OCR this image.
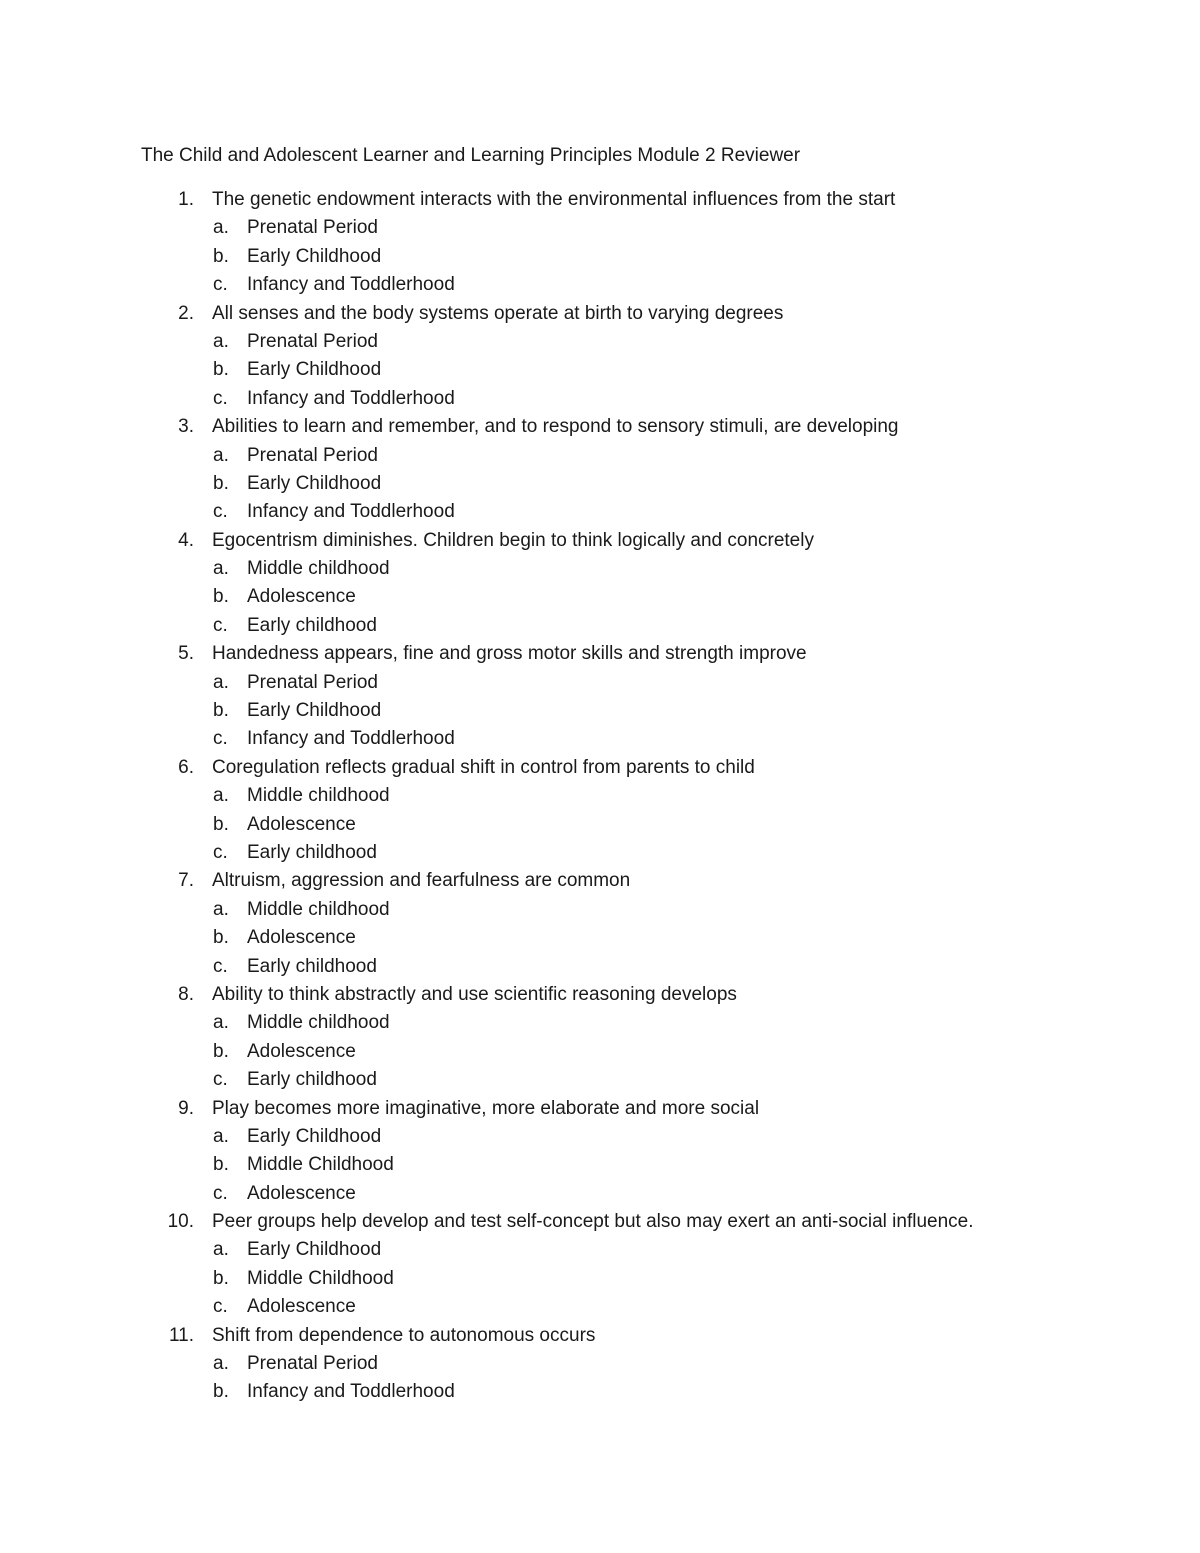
The Child and Adolescent Learner and Learning Principles Module 2 Reviewer
1. The genetic endowment interacts with the environmental influences from the start
a. Prenatal Period
b. Early Childhood
c. Infancy and Toddlerhood
2. All senses and the body systems operate at birth to varying degrees
a. Prenatal Period
b. Early Childhood
c. Infancy and Toddlerhood
3. Abilities to learn and remember, and to respond to sensory stimuli, are developing
a. Prenatal Period
b. Early Childhood
c. Infancy and Toddlerhood
4. Egocentrism diminishes. Children begin to think logically and concretely
a. Middle childhood
b. Adolescence
c. Early childhood
5. Handedness appears, fine and gross motor skills and strength improve
a. Prenatal Period
b. Early Childhood
c. Infancy and Toddlerhood
6. Coregulation reflects gradual shift in control from parents to child
a. Middle childhood
b. Adolescence
c. Early childhood
7. Altruism, aggression and fearfulness are common
a. Middle childhood
b. Adolescence
c. Early childhood
8. Ability to think abstractly and use scientific reasoning develops
a. Middle childhood
b. Adolescence
c. Early childhood
9. Play becomes more imaginative, more elaborate and more social
a. Early Childhood
b. Middle Childhood
c. Adolescence
10. Peer groups help develop and test self-concept but also may exert an anti-social influence.
a. Early Childhood
b. Middle Childhood
c. Adolescence
11. Shift from dependence to autonomous occurs
a. Prenatal Period
b. Infancy and Toddlerhood
